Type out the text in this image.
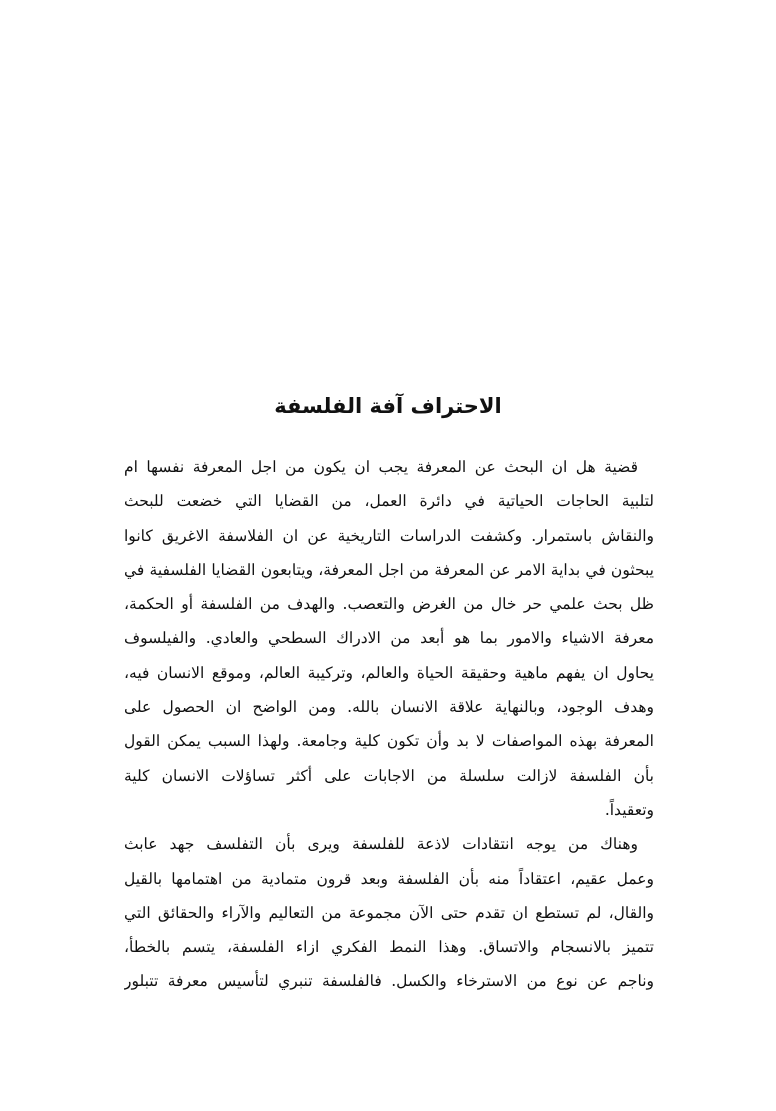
الاحتراف آفة الفلسفة
قضية هل ان البحث عن المعرفة يجب ان يكون من اجل المعرفة نفسها ام
لتلبية الحاجات الحياتية في دائرة العمل، من القضايا التي خضعت للبحث
والنقاش باستمرار. وكشفت الدراسات التاريخية عن ان الفلاسفة الاغريق كانوا
يبحثون في بداية الامر عن المعرفة من اجل المعرفة، ويتابعون القضايا الفلسفية في
ظل بحث علمي حر خال من الغرض والتعصب. والهدف من الفلسفة أو الحكمة،
معرفة الاشياء والامور بما هو أبعد من الادراك السطحي والعادي. والفيلسوف
يحاول ان يفهم ماهية وحقيقة الحياة والعالم، وتركيبة العالم، وموقع الانسان فيه،
وهدف الوجود، وبالنهاية علاقة الانسان بالله. ومن الواضح ان الحصول على
المعرفة بهذه المواصفات لا بد وأن تكون كلية وجامعة. ولهذا السبب يمكن القول
بأن الفلسفة لازالت سلسلة من الاجابات على أكثر تساؤلات الانسان كلية
وتعقيداً.
وهناك من يوجه انتقادات لاذعة للفلسفة ويرى بأن التفلسف جهد عابث
وعمل عقيم، اعتقاداً منه بأن الفلسفة وبعد قرون متمادية من اهتمامها بالقيل
والقال، لم تستطع ان تقدم حتى الآن مجموعة من التعاليم والآراء والحقائق التي
تتميز بالانسجام والاتساق. وهذا النمط الفكري ازاء الفلسفة، يتسم بالخطأ،
وناجم عن نوع من الاسترخاء والكسل. فالفلسفة تنبري لتأسيس معرفة تتبلور
